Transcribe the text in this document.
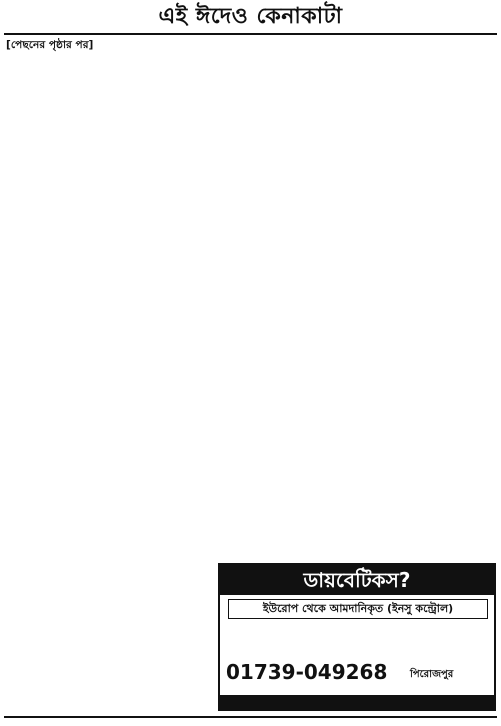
এই ঈদেও কেনাকাটা

[পেছনের পৃষ্ঠার পর]

ডায়বেটিকস?
ইউরোপ থেকে আমদানিকৃত (ইনসু কন্ট্রোল)
01739-049268	পিরোজপুর
